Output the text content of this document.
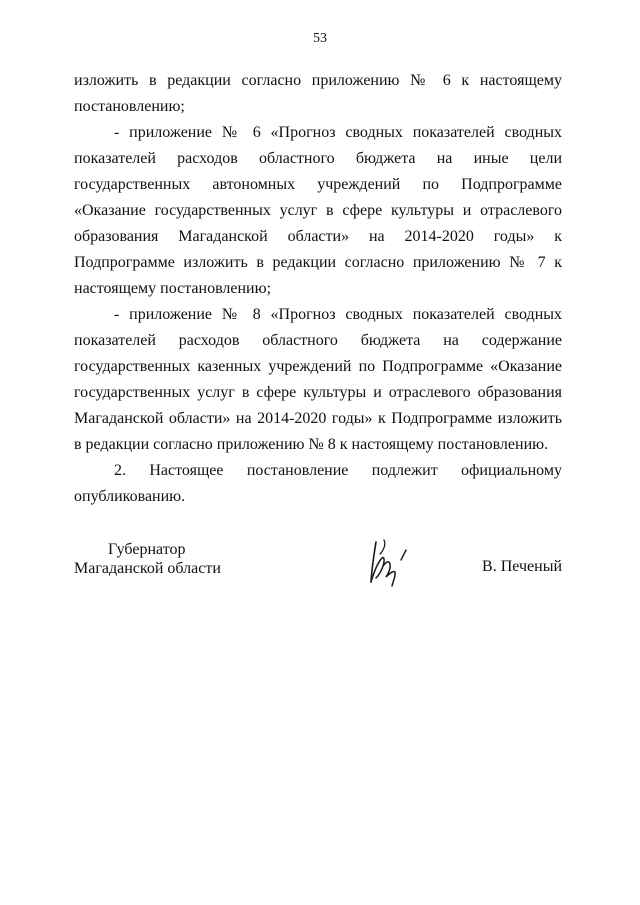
53

изложить в редакции согласно приложению № 6 к настоящему постановлению;

- приложение № 6 «Прогноз сводных показателей сводных показателей расходов областного бюджета на иные цели государственных автономных учреждений по Подпрограмме «Оказание государственных услуг в сфере культуры и отраслевого образования Магаданской области» на 2014-2020 годы» к Подпрограмме изложить в редакции согласно приложению № 7 к настоящему постановлению;

- приложение № 8 «Прогноз сводных показателей сводных показателей расходов областного бюджета на содержание государственных казенных учреждений по Подпрограмме «Оказание государственных услуг в сфере культуры и отраслевого образования Магаданской области» на 2014-2020 годы» к Подпрограмме изложить в редакции согласно приложению № 8 к настоящему постановлению.

2. Настоящее постановление подлежит официальному опубликованию.

Губернатор
Магаданской области	В. Печеный
